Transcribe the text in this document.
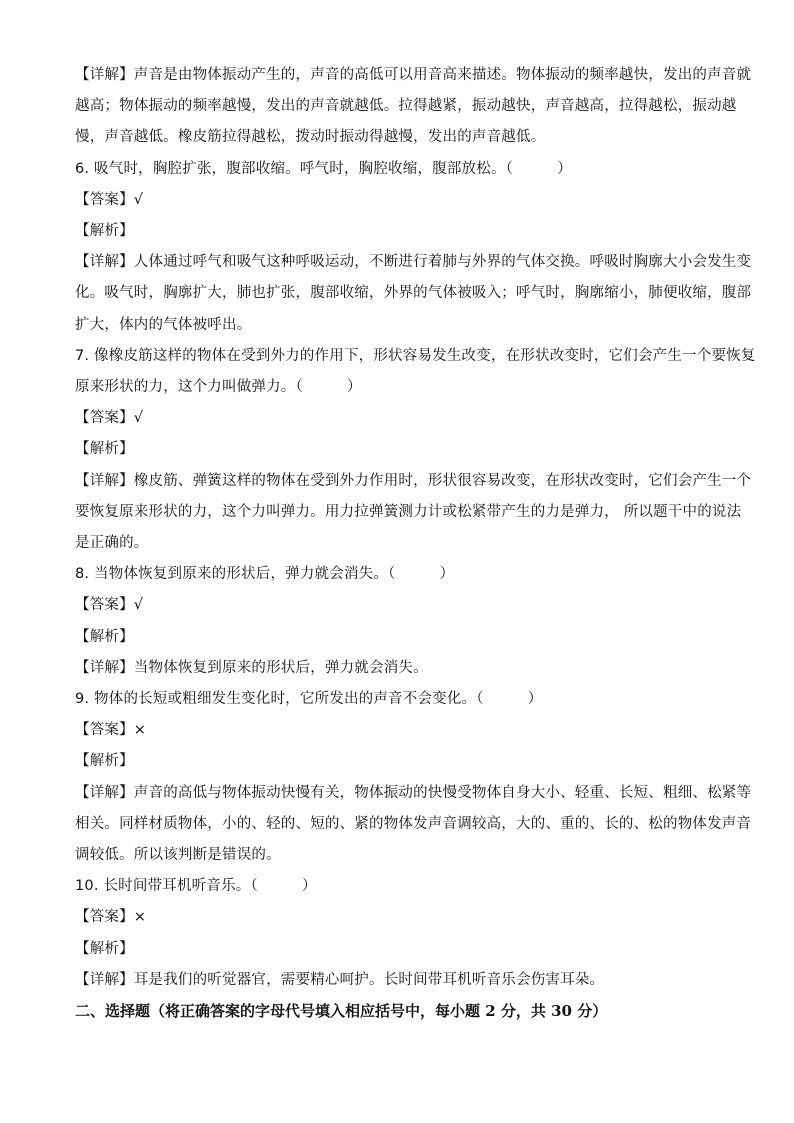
【详解】声音是由物体振动产生的，声音的高低可以用音高来描述。物体振动的频率越快，发出的声音就
越高；物体振动的频率越慢，发出的声音就越低。拉得越紧，振动越快，声音越高，拉得越松，振动越
慢，声音越低。橡皮筋拉得越松，拨动时振动得越慢，发出的声音越低。
6. 吸气时，胸腔扩张，腹部收缩。呼气时，胸腔收缩，腹部放松。（　　　）
【答案】√
【解析】
【详解】人体通过呼气和吸气这种呼吸运动，不断进行着肺与外界的气体交换。呼吸时胸廓大小会发生变
化。吸气时，胸廓扩大，肺也扩张，腹部收缩，外界的气体被吸入；呼气时，胸廓缩小，肺便收缩，腹部
扩大，体内的气体被呼出。
7. 像橡皮筋这样的物体在受到外力的作用下，形状容易发生改变，在形状改变时，它们会产生一个要恢复
原来形状的力，这个力叫做弹力。（　　　）
【答案】√
【解析】
【详解】橡皮筋、弹簧这样的物体在受到外力作用时，形状很容易改变，在形状改变时，它们会产生一个
要恢复原来形状的力，这个力叫弹力。用力拉弹簧测力计或松紧带产生的力是弹力， 所以题干中的说法
是正确的。
8. 当物体恢复到原来的形状后，弹力就会消失。（　　　）
【答案】√
【解析】
【详解】当物体恢复到原来的形状后，弹力就会消失。
9. 物体的长短或粗细发生变化时，它所发出的声音不会变化。（　　　）
【答案】×
【解析】
【详解】声音的高低与物体振动快慢有关，物体振动的快慢受物体自身大小、轻重、长短、粗细、松紧等
相关。同样材质物体，小的、轻的、短的、紧的物体发声音调较高，大的、重的、长的、松的物体发声音
调较低。所以该判断是错误的。
10. 长时间带耳机听音乐。（　　　）
【答案】×
【解析】
【详解】耳是我们的听觉器官，需要精心呵护。长时间带耳机听音乐会伤害耳朵。
二、选择题（将正确答案的字母代号填入相应括号中，每小题 2 分，共 30 分）
